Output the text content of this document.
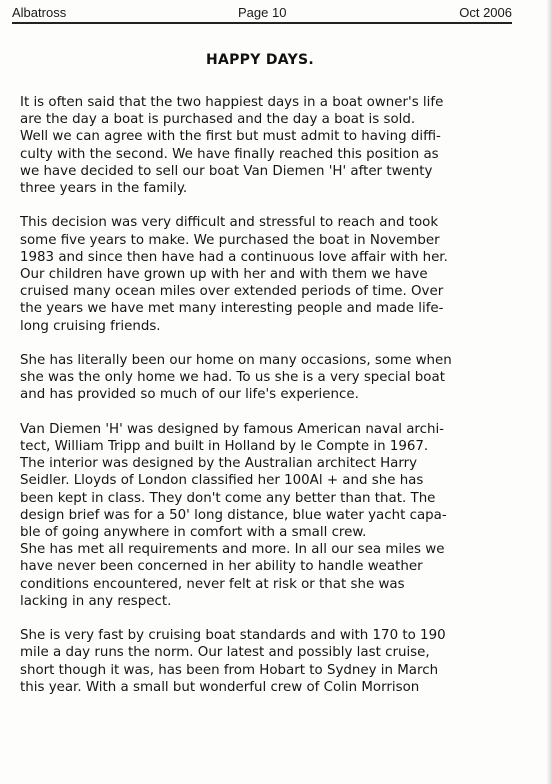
Albatross	Page 10	Oct 2006
HAPPY DAYS.

It is often said that the two happiest days in a boat owner's life
are the day a boat is purchased and the day a boat is sold.
Well we can agree with the first but must admit to having diffi-
culty with the second. We have finally reached this position as
we have decided to sell our boat Van Diemen 'H' after twenty
three years in the family.

This decision was very difficult and stressful to reach and took
some five years to make. We purchased the boat in November
1983 and since then have had a continuous love affair with her.
Our children have grown up with her and with them we have
cruised many ocean miles over extended periods of time. Over
the years we have met many interesting people and made life-
long cruising friends.

She has literally been our home on many occasions, some when
she was the only home we had. To us she is a very special boat
and has provided so much of our life's experience.

Van Diemen 'H' was designed by famous American naval archi-
tect, William Tripp and built in Holland by le Compte in 1967.
The interior was designed by the Australian architect Harry
Seidler. Lloyds of London classified her 100Al + and she has
been kept in class. They don't come any better than that. The
design brief was for a 50' long distance, blue water yacht capa-
ble of going anywhere in comfort with a small crew.
She has met all requirements and more. In all our sea miles we
have never been concerned in her ability to handle weather
conditions encountered, never felt at risk or that she was
lacking in any respect.

She is very fast by cruising boat standards and with 170 to 190
mile a day runs the norm. Our latest and possibly last cruise,
short though it was, has been from Hobart to Sydney in March
this year. With a small but wonderful crew of Colin Morrison
